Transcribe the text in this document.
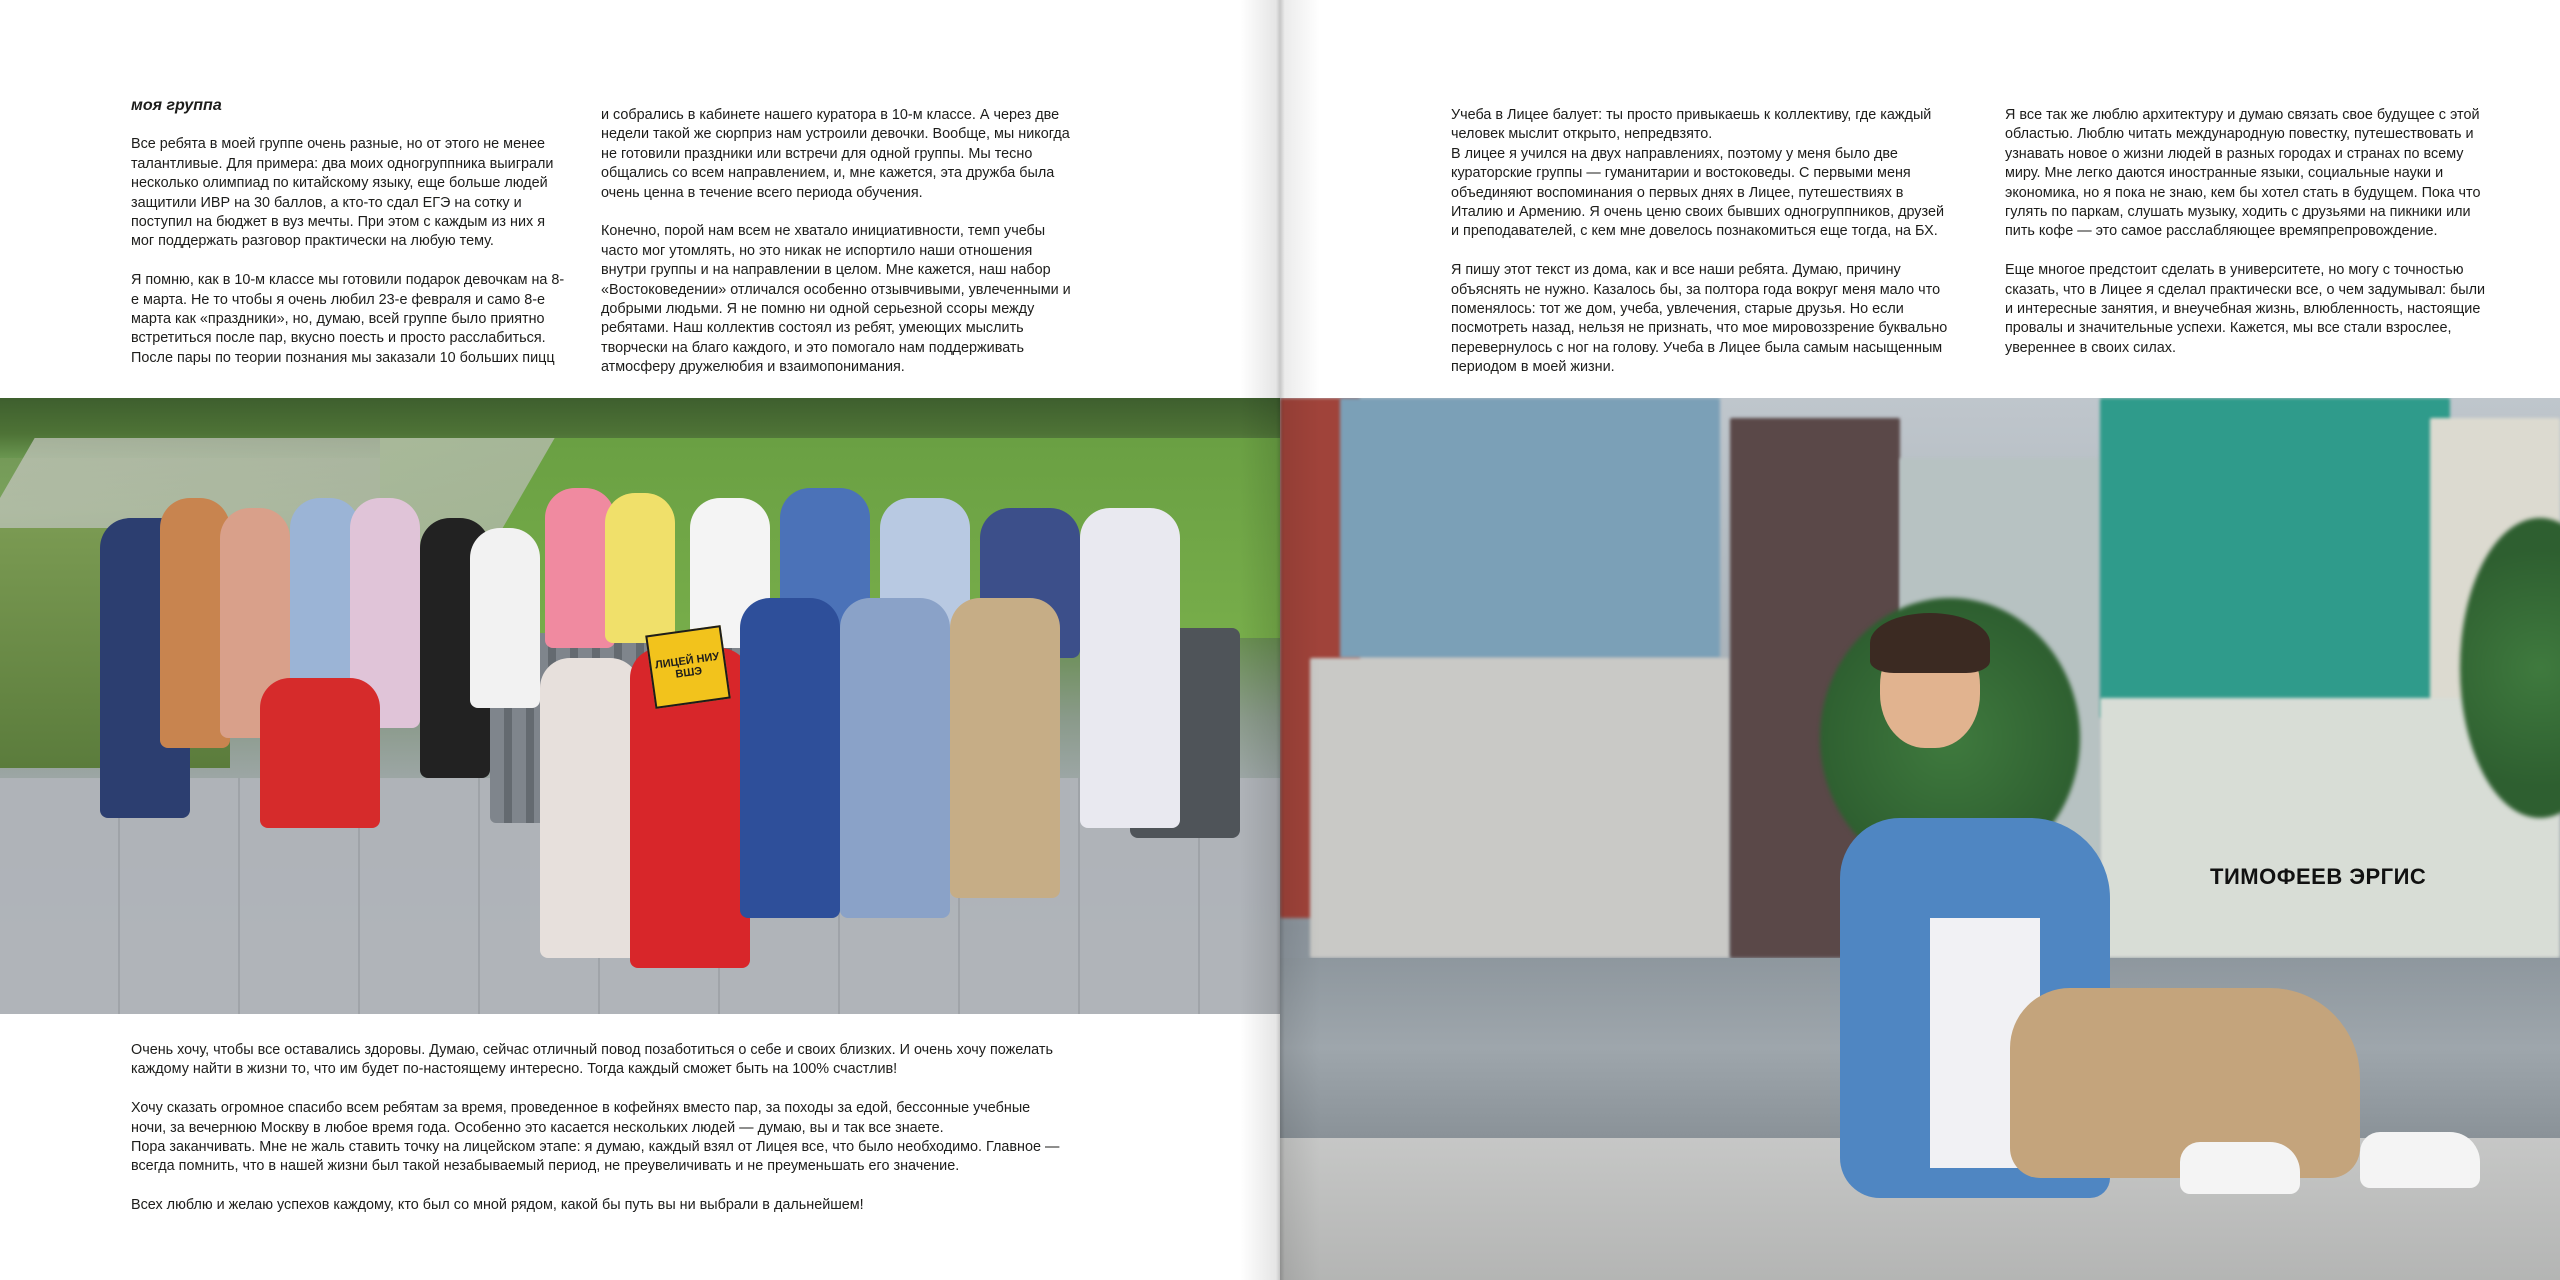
моя группа

Все ребята в моей группе очень разные, но от этого не менее талантливые. Для примера: два моих одногруппника выиграли несколько олимпиад по китайскому языку, еще больше людей защитили ИВР на 30 баллов, а кто-то сдал ЕГЭ на сотку и поступил на бюджет в вуз мечты. При этом с каждым из них я мог поддержать разговор практически на любую тему.

Я помню, как в 10-м классе мы готовили подарок девочкам на 8-е марта. Не то чтобы я очень любил 23-е февраля и само 8-е марта как «праздники», но, думаю, всей группе было приятно встретиться после пар, вкусно поесть и просто расслабиться. После пары по теории познания мы заказали 10 больших пицц

и собрались в кабинете нашего куратора в 10-м классе. А через две недели такой же сюрприз нам устроили девочки. Вообще, мы никогда не готовили праздники или встречи для одной группы. Мы тесно общались со всем направлением, и, мне кажется, эта дружба была очень ценна в течение всего периода обучения.

Конечно, порой нам всем не хватало инициативности, темп учебы часто мог утомлять, но это никак не испортило наши отношения внутри группы и на направлении в целом. Мне кажется, наш набор «Востоковедении» отличался особенно отзывчивыми, увлеченными и добрыми людьми. Я не помню ни одной серьезной ссоры между ребятами. Наш коллектив состоял из ребят, умеющих мыслить творчески на благо каждого, и это помогало нам поддерживать атмосферу дружелюбия и взаимопонимания.

ЛИЦЕЙ НИУ ВШЭ

Очень хочу, чтобы все оставались здоровы. Думаю, сейчас отличный повод позаботиться о себе и своих близких. И очень хочу пожелать каждому найти в жизни то, что им будет по-настоящему интересно. Тогда каждый сможет быть на 100% счастлив!

Хочу сказать огромное спасибо всем ребятам за время, проведенное в кофейнях вместо пар, за походы за едой, бессонные учебные ночи, за вечернюю Москву в любое время года. Особенно это касается нескольких людей — думаю, вы и так все знаете.
Пора заканчивать. Мне не жаль ставить точку на лицейском этапе: я думаю, каждый взял от Лицея все, что было необходимо. Главное — всегда помнить, что в нашей жизни был такой незабываемый период, не преувеличивать и не преуменьшать его значение.

Всех люблю и желаю успехов каждому, кто был со мной рядом, какой бы путь вы ни выбрали в дальнейшем!

Учеба в Лицее балует: ты просто привыкаешь к коллективу, где каждый человек мыслит открыто, непредвзято.
В лицее я учился на двух направлениях, поэтому у меня было две кураторские группы — гуманитарии и востоковеды. С первыми меня объединяют воспоминания о первых днях в Лицее, путешествиях в Италию и Армению. Я очень ценю своих бывших одногруппников, друзей и преподавателей, с кем мне довелось познакомиться еще тогда, на БХ.

Я пишу этот текст из дома, как и все наши ребята. Думаю, причину объяснять не нужно. Казалось бы, за полтора года вокруг меня мало что поменялось: тот же дом, учеба, увлечения, старые друзья. Но если посмотреть назад, нельзя не признать, что мое мировоззрение буквально перевернулось с ног на голову. Учеба в Лицее была самым насыщенным периодом в моей жизни.

Я все так же люблю архитектуру и думаю связать свое будущее с этой областью. Люблю читать международную повестку, путешествовать и узнавать новое о жизни людей в разных городах и странах по всему миру. Мне легко даются иностранные языки, социальные науки и экономика, но я пока не знаю, кем бы хотел стать в будущем. Пока что гулять по паркам, слушать музыку, ходить с друзьями на пикники или пить кофе — это самое расслабляющее времяпрепровождение.

Еще многое предстоит сделать в университете, но могу с точностью сказать, что в Лицее я сделал практически все, о чем задумывал: были и интересные занятия, и внеучебная жизнь, влюбленность, настоящие провалы и значительные успехи. Кажется, мы все стали взрослее, увереннее в своих силах.

ТИМОФЕЕВ ЭРГИС
